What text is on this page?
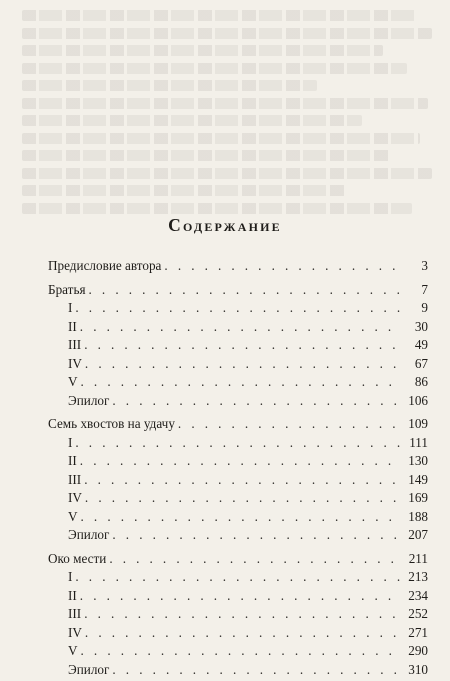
Содержание
Предисловие автора . . .	3
Братья . . .	7
I . . .	9
II . . .	30
III . . .	49
IV . . .	67
V . . .	86
Эпилог . . .	106
Семь хвостов на удачу . . .	109
I . . .	111
II . . .	130
III . . .	149
IV . . .	169
V . . .	188
Эпилог . . .	207
Око мести . . .	211
I . . .	213
II . . .	234
III . . .	252
IV . . .	271
V . . .	290
Эпилог . . .	310
